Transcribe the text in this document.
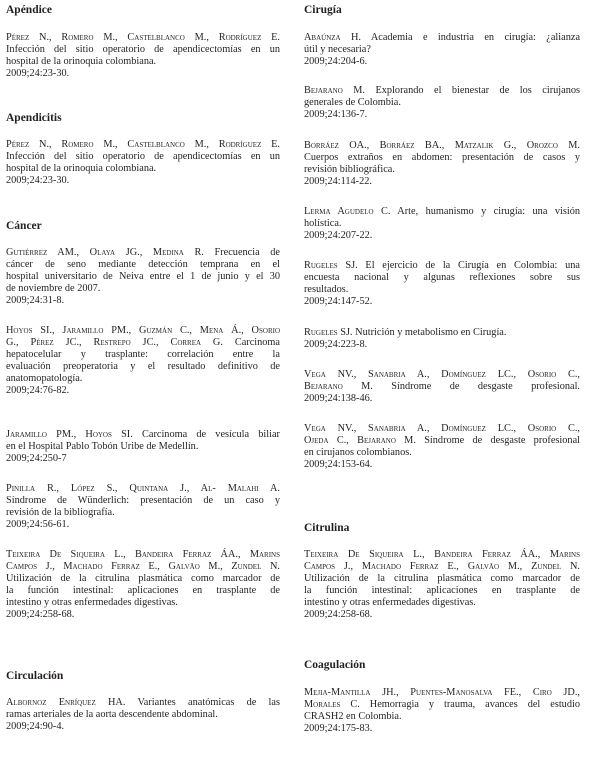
Apéndice
Pérez N., Romero M., Castelblanco M., Rodríguez E.
Infección del sitio operatorio de apendicectomías en un
hospital de la orinoquia colombiana.
2009;24:23-30.
Apendicitis
Pérez N., Romero M., Castelblanco M., Rodríguez E.
Infección del sitio operatorio de apendicectomías en un
hospital de la orinoquia colombiana.
2009;24:23-30.
Cáncer
Gutiérrez AM., Olaya JG., Medina R. Frecuencia de
cáncer de seno mediante detección temprana en el
hospital universitario de Neiva entre el 1 de junio y el 30
de noviembre de 2007.
2009;24:31-8.
Hoyos SI., Jaramillo PM., Guzmán C., Mena Á., Osorio
G., Pérez JC., Restrepo JC., Correa G. Carcinoma
hepatocelular y trasplante: correlación entre la
evaluación preoperatoria y el resultado definitivo de
anatomopatología.
2009;24:76-82.
Jaramillo PM., Hoyos SI. Carcinoma de vesícula biliar
en el Hospital Pablo Tobón Uribe de Medellín.
2009;24:250-7
Pinilla R., López S., Quintana J., Al- Malahi A.
Síndrome de Wünderlich: presentación de un caso y
revisión de la bibliografía.
2009;24:56-61.
Teixeira De Siqueira L., Bandeira Ferraz ÁA., Marins
Campos J., Machado Ferraz E., Galvão M., Zundel N.
Utilización de la citrulina plasmática como marcador de
la función intestinal: aplicaciones en trasplante de
intestino y otras enfermedades digestivas.
2009;24:258-68.
Circulación
Albornoz Enríquez HA. Variantes anatómicas de las
ramas arteriales de la aorta descendente abdominal.
2009;24:90-4.
Cirugía
Abaúnza H. Academia e industria en cirugía: ¿alianza
útil y necesaria?
2009;24:204-6.
Bejarano M. Explorando el bienestar de los cirujanos
generales de Colombia.
2009;24:136-7.
Borráez OA., Borráez BA., Matzalik G., Orozco M.
Cuerpos extraños en abdomen: presentación de casos y
revisión bibliográfica.
2009;24:114-22.
Lerma Agudelo C. Arte, humanismo y cirugía: una visión
holística.
2009;24:207-22.
Rugeles SJ. El ejercicio de la Cirugía en Colombia: una
encuesta nacional y algunas reflexiones sobre sus
resultados.
2009;24:147-52.
Rugeles SJ. Nutrición y metabolismo en Cirugía.
2009;24:223-8.
Vega NV., Sanabria A., Domínguez LC., Osorio C.,
Bejarano M. Síndrome de desgaste profesional.
2009;24:138-46.
Vega NV., Sanabria A., Domínguez LC., Osorio C.,
Ojeda C., Bejarano M. Síndrome de desgaste profesional
en cirujanos colombianos.
2009;24:153-64.
Citrulina
Teixeira De Siqueira L., Bandeira Ferraz ÁA., Marins
Campos J., Machado Ferraz E., Galvão M., Zundel N.
Utilización de la citrulina plasmática como marcador de
la función intestinal: aplicaciones en trasplante de
intestino y otras enfermedades digestivas.
2009;24:258-68.
Coagulación
Mejia-Mantilla JH., Puentes-Manosalva FE., Ciro JD.,
Morales C. Hemorragia y trauma, avances del estudio
CRASH2 en Colombia.
2009;24:175-83.
